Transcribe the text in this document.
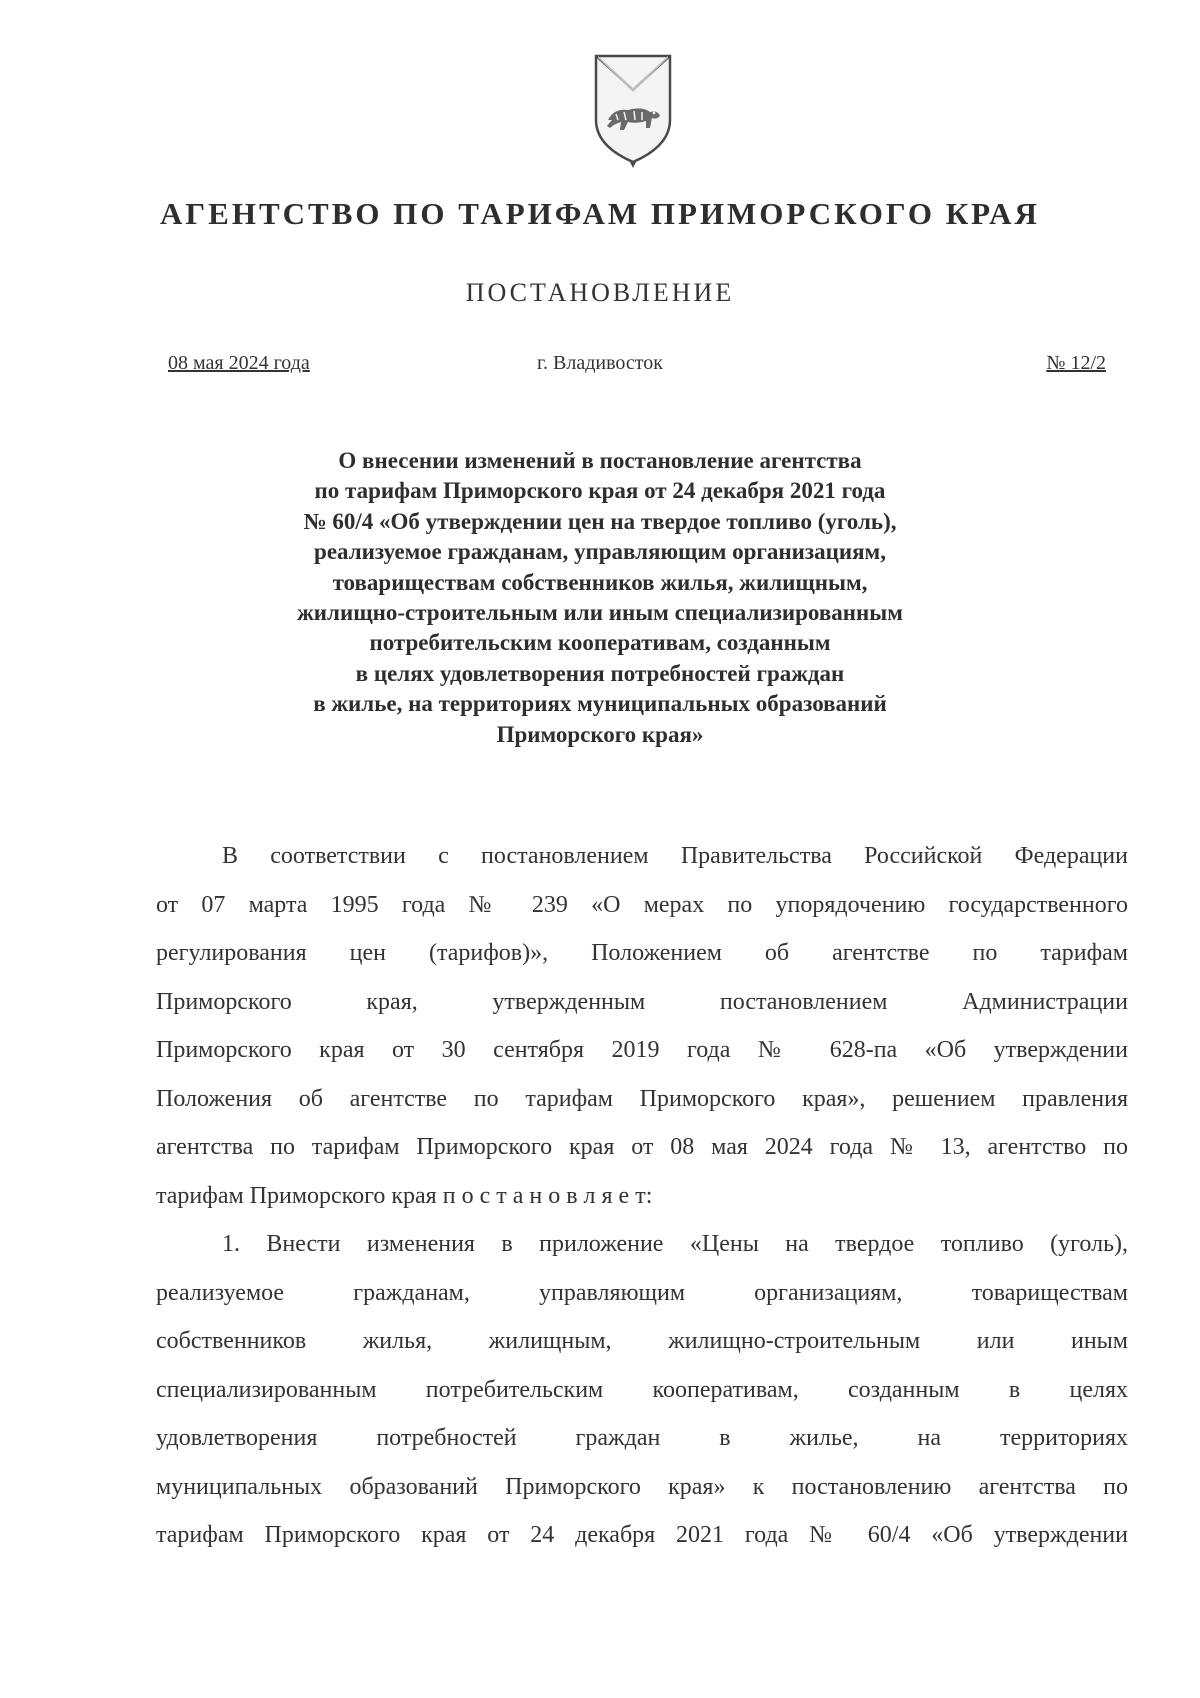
АГЕНТСТВО ПО ТАРИФАМ ПРИМОРСКОГО КРАЯ
ПОСТАНОВЛЕНИЕ
г. Владивосток
08 мая 2024 года	№ 12/2
О внесении изменений в постановление агентства
по тарифам Приморского края от 24 декабря 2021 года
№ 60/4 «Об утверждении цен на твердое топливо (уголь),
реализуемое гражданам, управляющим организациям,
товариществам собственников жилья, жилищным,
жилищно-строительным или иным специализированным
потребительским кооперативам, созданным
в целях удовлетворения потребностей граждан
в жилье, на территориях муниципальных образований
Приморского края»
В соответствии с постановлением Правительства Российской Федерации
от 07 марта 1995 года № 239 «О мерах по упорядочению государственного
регулирования цен (тарифов)», Положением об агентстве по тарифам
Приморского края, утвержденным постановлением Администрации
Приморского края от 30 сентября 2019 года № 628-па «Об утверждении
Положения об агентстве по тарифам Приморского края», решением правления
агентства по тарифам Приморского края от 08 мая 2024 года № 13, агентство по
тарифам Приморского края п о с т а н о в л я е т:
1. Внести изменения в приложение «Цены на твердое топливо (уголь),
реализуемое гражданам, управляющим организациям, товариществам
собственников жилья, жилищным, жилищно-строительным или иным
специализированным потребительским кооперативам, созданным в целях
удовлетворения потребностей граждан в жилье, на территориях
муниципальных образований Приморского края» к постановлению агентства по
тарифам Приморского края от 24 декабря 2021 года № 60/4 «Об утверждении
